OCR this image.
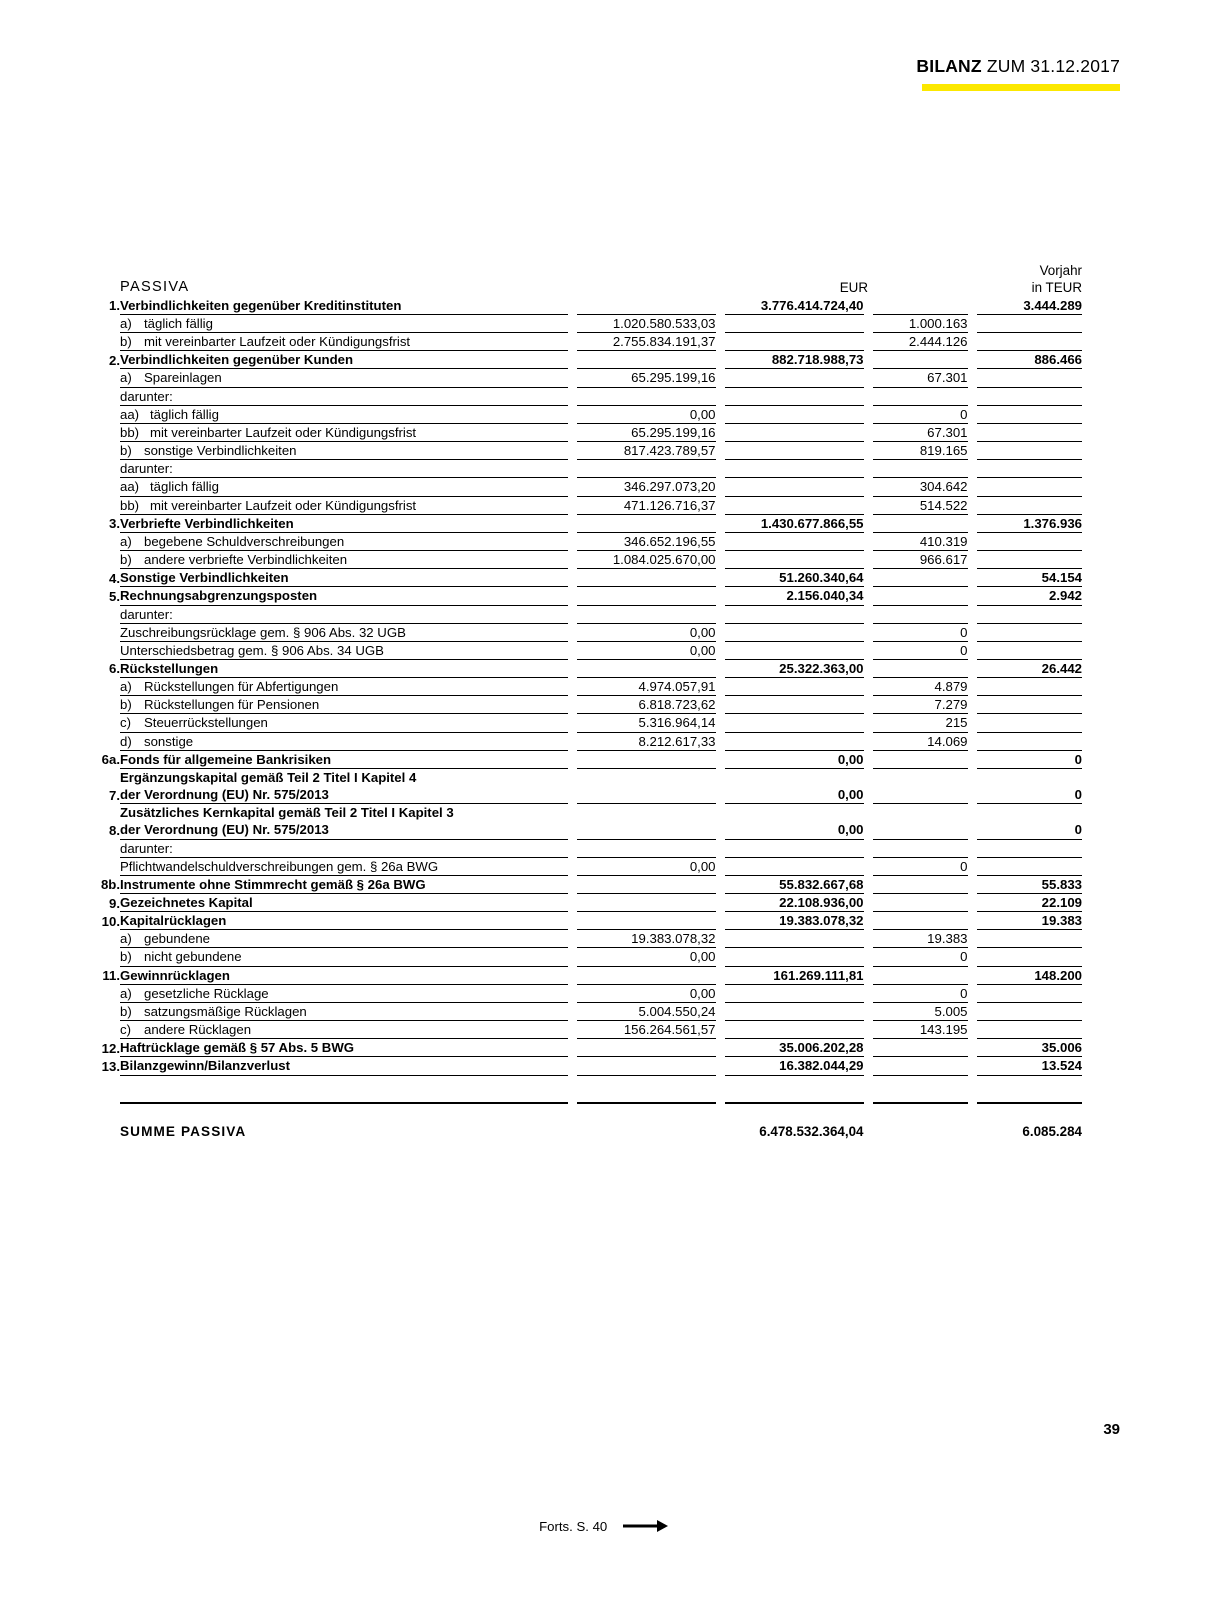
BILANZ ZUM 31.12.2017
	PASSIVA		EUR		Vorjahr
in TEUR
1.	Verbindlichkeiten gegenüber Kreditinstituten		3.776.414.724,40		3.444.289
	a) täglich fällig	1.020.580.533,03		1.000.163	
	b) mit vereinbarter Laufzeit oder Kündigungsfrist	2.755.834.191,37		2.444.126	
2.	Verbindlichkeiten gegenüber Kunden		882.718.988,73		886.466
	a) Spareinlagen	65.295.199,16		67.301	
	darunter:				
	aa) täglich fällig	0,00		0	
	bb) mit vereinbarter Laufzeit oder Kündigungsfrist	65.295.199,16		67.301	
	b) sonstige Verbindlichkeiten	817.423.789,57		819.165	
	darunter:				
	aa) täglich fällig	346.297.073,20		304.642	
	bb) mit vereinbarter Laufzeit oder Kündigungsfrist	471.126.716,37		514.522	
3.	Verbriefte Verbindlichkeiten		1.430.677.866,55		1.376.936
	a) begebene Schuldverschreibungen	346.652.196,55		410.319	
	b) andere verbriefte Verbindlichkeiten	1.084.025.670,00		966.617	
4.	Sonstige Verbindlichkeiten		51.260.340,64		54.154
5.	Rechnungsabgrenzungsposten		2.156.040,34		2.942
	darunter:				
	Zuschreibungsrücklage gem. § 906 Abs. 32 UGB	0,00		0	
	Unterschiedsbetrag gem. § 906 Abs. 34 UGB	0,00		0	
6.	Rückstellungen		25.322.363,00		26.442
	a) Rückstellungen für Abfertigungen	4.974.057,91		4.879	
	b) Rückstellungen für Pensionen	6.818.723,62		7.279	
	c) Steuerrückstellungen	5.316.964,14		215	
	d) sonstige	8.212.617,33		14.069	
6a.	Fonds für allgemeine Bankrisiken		0,00		0
7.	Ergänzungskapital gemäß Teil 2 Titel I Kapitel 4
der Verordnung (EU) Nr. 575/2013		0,00		0
8.	Zusätzliches Kernkapital gemäß Teil 2 Titel I Kapitel 3
der Verordnung (EU) Nr. 575/2013		0,00		0
	darunter:				
	Pflichtwandelschuldverschreibungen gem. § 26a BWG	0,00		0	
8b.	Instrumente ohne Stimmrecht gemäß § 26a BWG		55.832.667,68		55.833
9.	Gezeichnetes Kapital		22.108.936,00		22.109
10.	Kapitalrücklagen		19.383.078,32		19.383
	a) gebundene	19.383.078,32		19.383	
	b) nicht gebundene	0,00		0	
11.	Gewinnrücklagen		161.269.111,81		148.200
	a) gesetzliche Rücklage	0,00		0	
	b) satzungsmäßige Rücklagen	5.004.550,24		5.005	
	c) andere Rücklagen	156.264.561,57		143.195	
12.	Haftrücklage gemäß § 57 Abs. 5 BWG		35.006.202,28		35.006
13.	Bilanzgewinn/Bilanzverlust		16.382.044,29		13.524

	SUMME PASSIVA		6.478.532.364,04		6.085.284
39
Forts. S. 40
